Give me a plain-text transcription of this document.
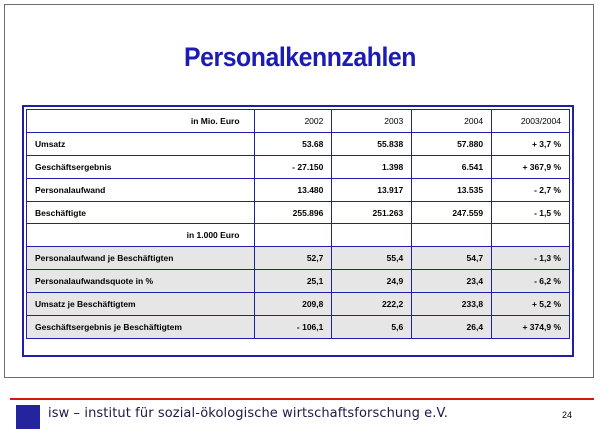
Personalkennzahlen
in Mio. Euro	2002	2003	2004	2003/2004
Umsatz	53.68	55.838	57.880	+ 3,7 %
Geschäftsergebnis	- 27.150	1.398	6.541	+ 367,9 %
Personalaufwand	13.480	13.917	13.535	- 2,7 %
Beschäftigte	255.896	251.263	247.559	- 1,5 %
in 1.000 Euro				
Personalaufwand je Beschäftigten	52,7	55,4	54,7	- 1,3 %
Personalaufwandsquote in %	25,1	24,9	23,4	- 6,2 %
Umsatz je Beschäftigtem	209,8	222,2	233,8	+ 5,2 %
Geschäftsergebnis je Beschäftigtem	- 106,1	5,6	26,4	+ 374,9 %
isw – institut für sozial-ökologische wirtschaftsforschung e.V.	24
